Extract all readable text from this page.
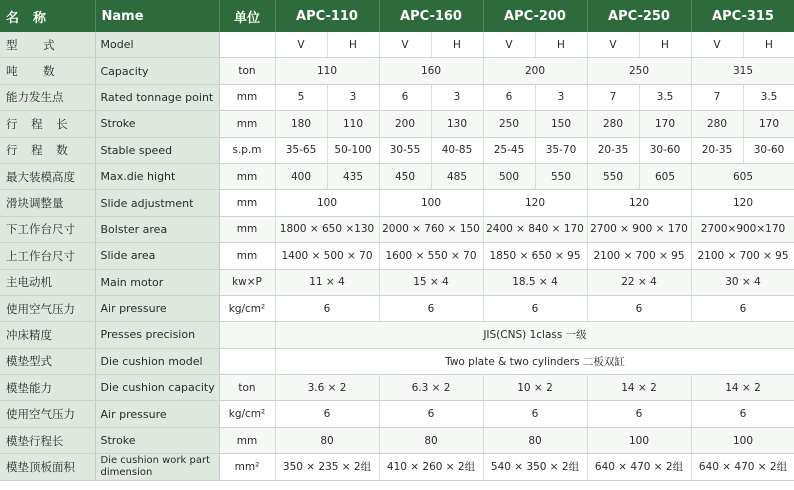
名称	Name	单位	APC-110		APC-160		APC-200		APC-250		APC-315	
型 式	Model		V	H	V	H	V	H	V	H	V	H
吨 数	Capacity	ton	110		160		200		250		315	
能力发生点	Rated tonnage point	mm	5	3	6	3	6	3	7	3.5	7	3.5
行 程 长	Stroke	mm	180	110	200	130	250	150	280	170	280	170
行 程 数	Stable speed	s.p.m	35-65	50-100	30-55	40-85	25-45	35-70	20-35	30-60	20-35	30-60
最大装模高度	Max.die hight	mm	400	435	450	485	500	550	550	605	605	
滑块调整量	Slide adjustment	mm	100		100		120		120		120	
下工作台尺寸	Bolster area	mm	1800 × 650 ×130		2000 × 760 × 150		2400 × 840 × 170		2700 × 900 × 170		2700×900×170	
上工作台尺寸	Slide area	mm	1400 × 500 × 70		1600 × 550 × 70		1850 × 650 × 95		2100 × 700 × 95		2100 × 700 × 95	
主电动机	Main motor	kw×P	11 × 4		15 × 4		18.5 × 4		22 × 4		30 × 4	
使用空气压力	Air pressure	kg/cm²	6		6		6		6		6	
冲床精度	Presses precision		JIS(CNS) 1class 一级									
模垫型式	Die cushion model		Two plate & two cylinders 二板双缸									
模垫能力	Die cushion capacity	ton	3.6 × 2		6.3 × 2		10 × 2		14 × 2		14 × 2	
使用空气压力	Air pressure	kg/cm²	6		6		6		6		6	
模垫行程长	Stroke	mm	80		80		80		100		100	
模垫顶板面积	Die cushion work part dimension	mm²	350 × 235 × 2组		410 × 260 × 2组		540 × 350 × 2组		640 × 470 × 2组		640 × 470 × 2组	
